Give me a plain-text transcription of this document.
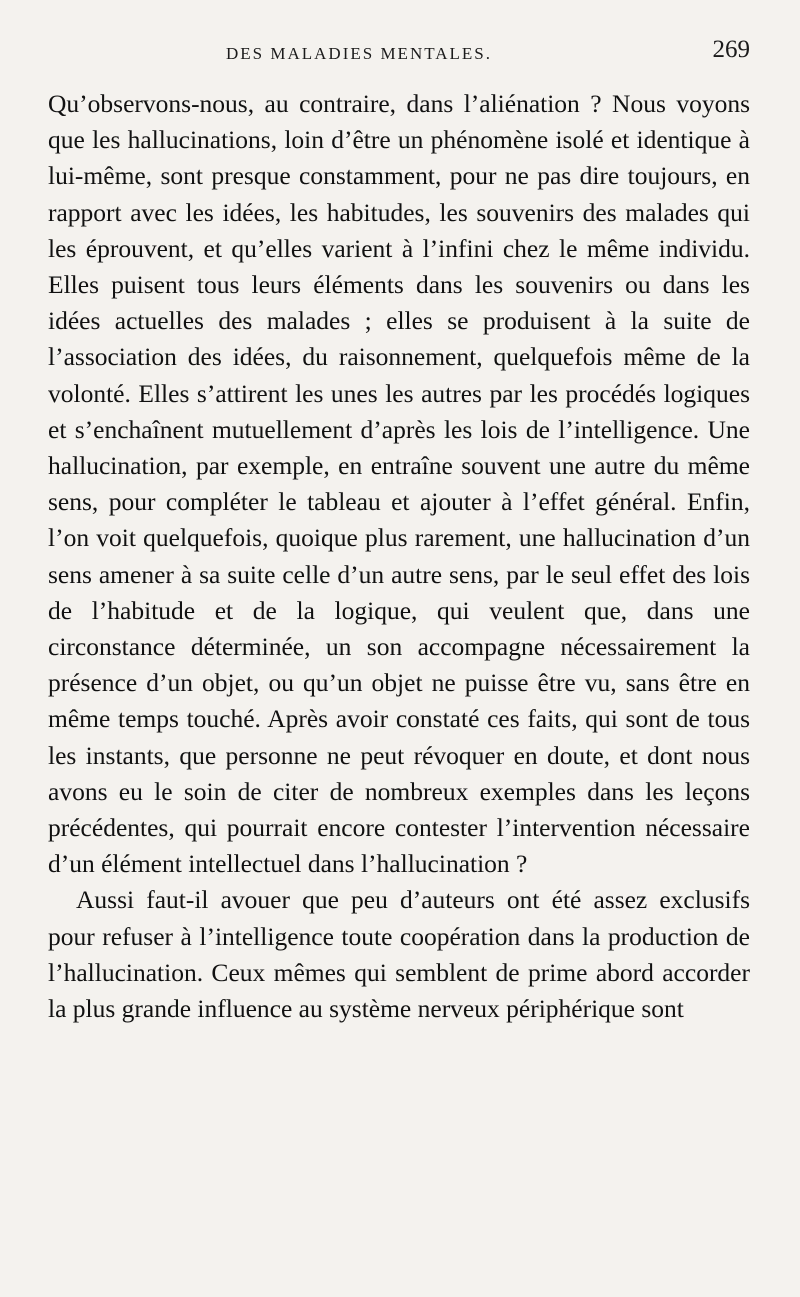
DES MALADIES MENTALES.	269

Qu’observons-nous, au contraire, dans l’aliénation ? Nous voyons que les hallucinations, loin d’être un phénomène isolé et identique à lui-même, sont presque constamment, pour ne pas dire toujours, en rapport avec les idées, les habitudes, les souvenirs des malades qui les éprouvent, et qu’elles varient à l’infini chez le même individu. Elles puisent tous leurs éléments dans les souvenirs ou dans les idées actuelles des malades ; elles se produisent à la suite de l’association des idées, du raisonnement, quelquefois même de la volonté. Elles s’attirent les unes les autres par les procédés logiques et s’enchaînent mutuellement d’après les lois de l’intelligence. Une hallucination, par exemple, en entraîne souvent une autre du même sens, pour compléter le tableau et ajouter à l’effet général. Enfin, l’on voit quelquefois, quoique plus rarement, une hallucination d’un sens amener à sa suite celle d’un autre sens, par le seul effet des lois de l’habitude et de la logique, qui veulent que, dans une circonstance déterminée, un son accompagne nécessairement la présence d’un objet, ou qu’un objet ne puisse être vu, sans être en même temps touché. Après avoir constaté ces faits, qui sont de tous les instants, que personne ne peut révoquer en doute, et dont nous avons eu le soin de citer de nombreux exemples dans les leçons précédentes, qui pourrait encore contester l’intervention nécessaire d’un élément intellectuel dans l’hallucination ?

Aussi faut-il avouer que peu d’auteurs ont été assez exclusifs pour refuser à l’intelligence toute coopération dans la production de l’hallucination. Ceux mêmes qui semblent de prime abord accorder la plus grande influence au système nerveux périphérique sont
